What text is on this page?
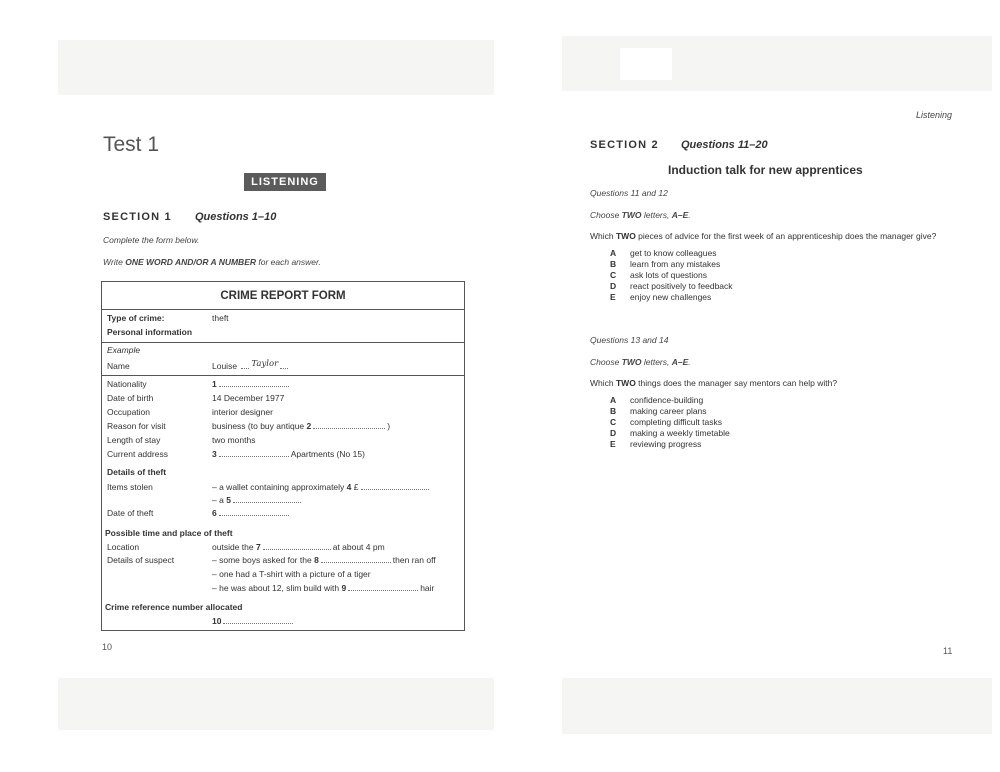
Test 1
LISTENING
SECTION 1 Questions 1–10
Complete the form below.
Write ONE WORD AND/OR A NUMBER for each answer.
CRIME REPORT FORM
Type of crime:	theft
Personal information
Example
Name	Louise Taylor
Nationality	1
Date of birth	14 December 1977
Occupation	interior designer
Reason for visit	business (to buy antique 2	)
Length of stay	two months
Current address	3	Apartments (No 15)
Details of theft
Items stolen	– a wallet containing approximately 4 £
– a 5
Date of theft	6
Possible time and place of theft
Location	outside the 7	at about 4 pm
Details of suspect	– some boys asked for the 8	then ran off
– one had a T-shirt with a picture of a tiger
– he was about 12, slim build with 9	hair
Crime reference number allocated
10
10
Listening
SECTION 2 Questions 11–20
Induction talk for new apprentices
Questions 11 and 12
Choose TWO letters, A–E.
Which TWO pieces of advice for the first week of an apprenticeship does the manager give?
A get to know colleagues
B learn from any mistakes
C ask lots of questions
D react positively to feedback
E enjoy new challenges
Questions 13 and 14
Choose TWO letters, A–E.
Which TWO things does the manager say mentors can help with?
A confidence-building
B making career plans
C completing difficult tasks
D making a weekly timetable
E reviewing progress
11
